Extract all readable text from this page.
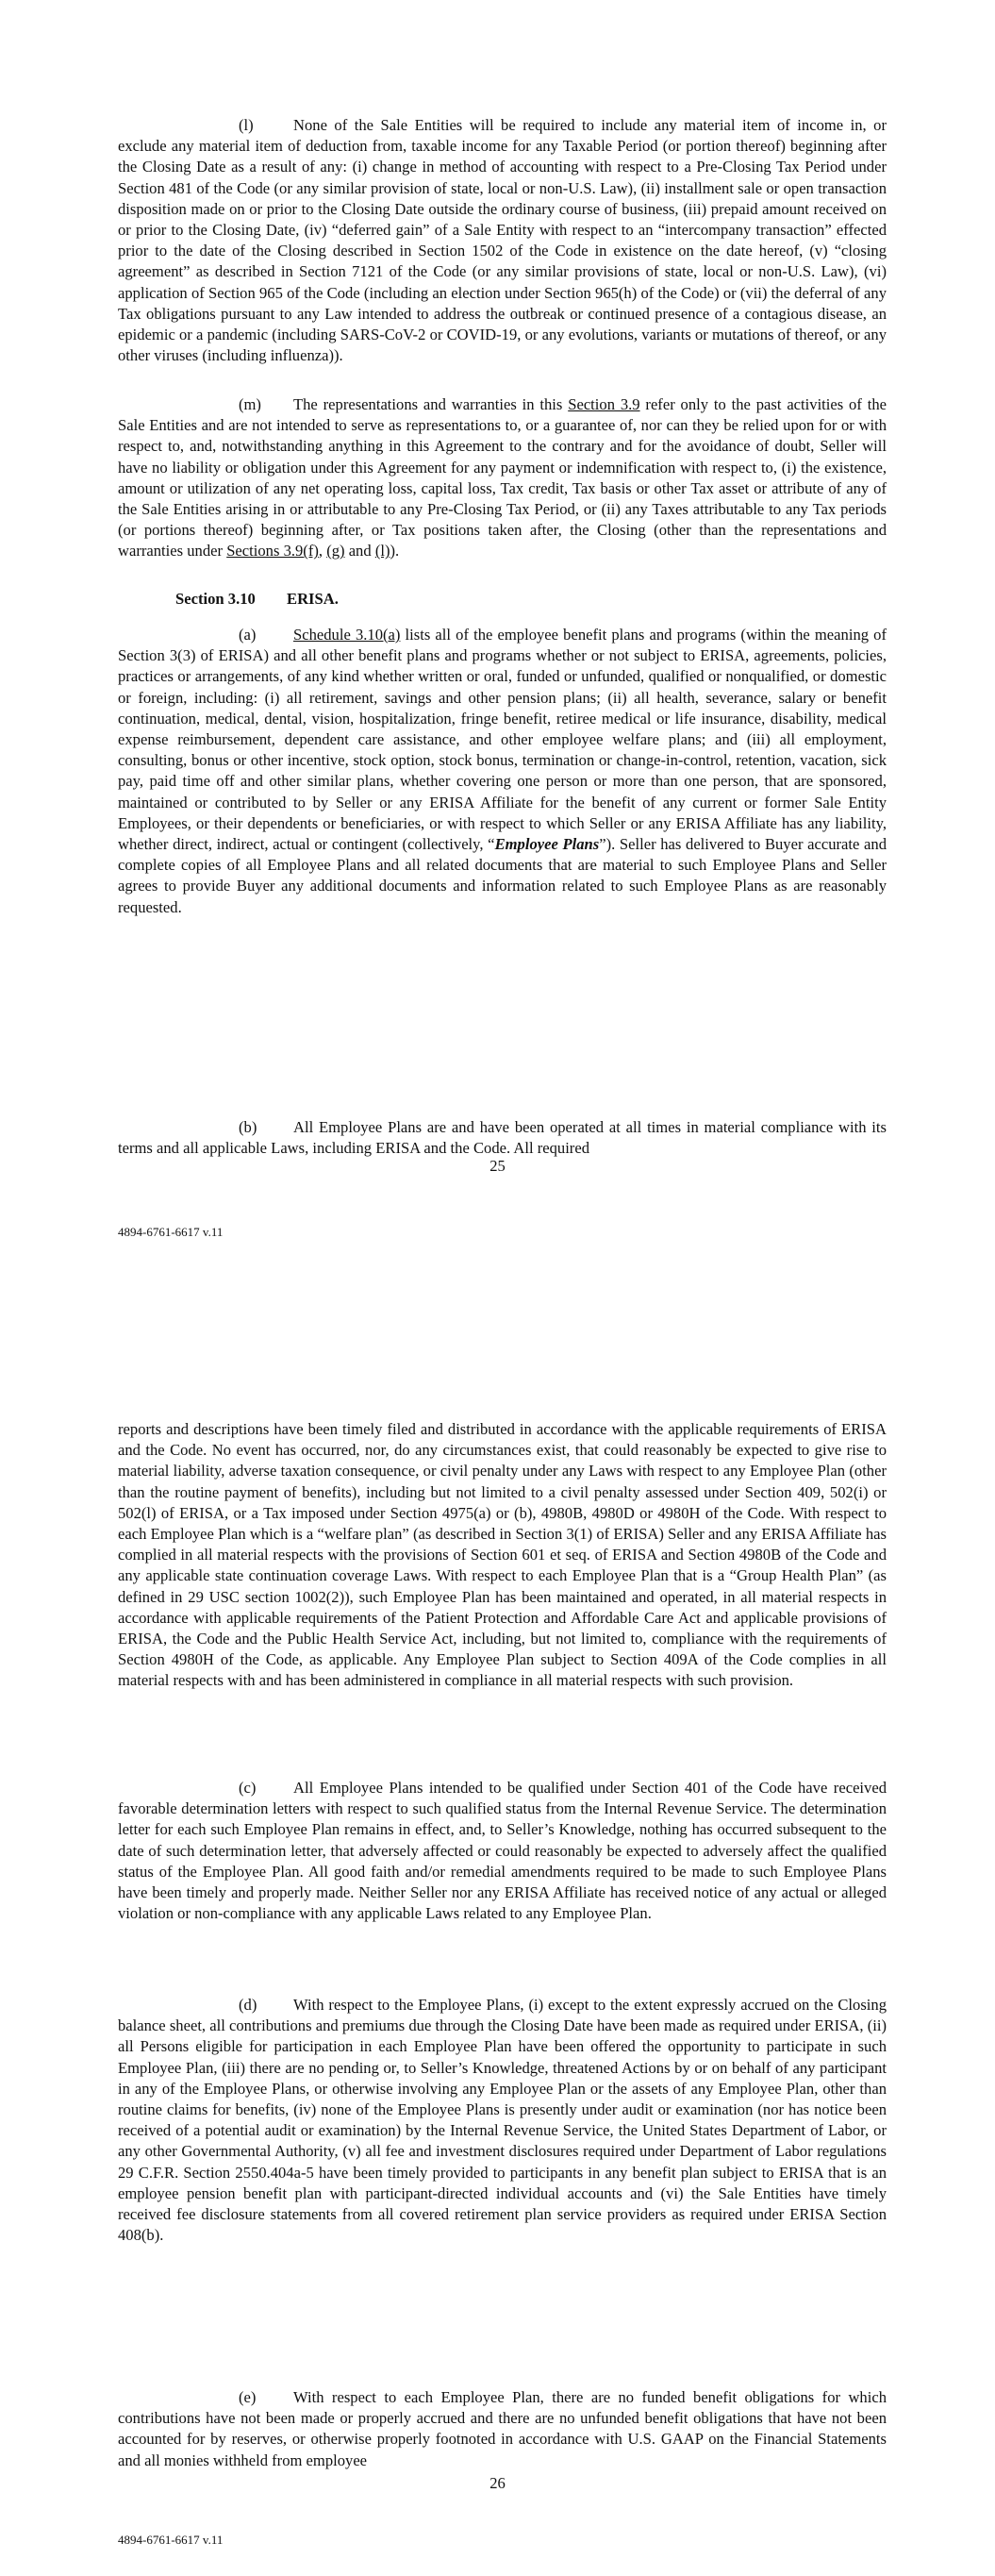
(l)	None of the Sale Entities will be required to include any material item of income in, or exclude any material item of deduction from, taxable income for any Taxable Period (or portion thereof) beginning after the Closing Date as a result of any: (i) change in method of accounting with respect to a Pre-Closing Tax Period under Section 481 of the Code (or any similar provision of state, local or non-U.S. Law), (ii) installment sale or open transaction disposition made on or prior to the Closing Date outside the ordinary course of business, (iii) prepaid amount received on or prior to the Closing Date, (iv) “deferred gain” of a Sale Entity with respect to an “intercompany transaction” effected prior to the date of the Closing described in Section 1502 of the Code in existence on the date hereof, (v) “closing agreement” as described in Section 7121 of the Code (or any similar provisions of state, local or non-U.S. Law), (vi) application of Section 965 of the Code (including an election under Section 965(h) of the Code) or (vii) the deferral of any Tax obligations pursuant to any Law intended to address the outbreak or continued presence of a contagious disease, an epidemic or a pandemic (including SARS-CoV-2 or COVID-19, or any evolutions, variants or mutations of thereof, or any other viruses (including influenza)).

(m) The representations and warranties in this Section 3.9 refer only to the past activities of the Sale Entities and are not intended to serve as representations to, or a guarantee of, nor can they be relied upon for or with respect to, and, notwithstanding anything in this Agreement to the contrary and for the avoidance of doubt, Seller will have no liability or obligation under this Agreement for any payment or indemnification with respect to, (i) the existence, amount or utilization of any net operating loss, capital loss, Tax credit, Tax basis or other Tax asset or attribute of any of the Sale Entities arising in or attributable to any Pre-Closing Tax Period, or (ii) any Taxes attributable to any Tax periods (or portions thereof) beginning after, or Tax positions taken after, the Closing (other than the representations and warranties under Sections 3.9(f), (g) and (l)).

Section 3.10 ERISA.

(a) Schedule 3.10(a) lists all of the employee benefit plans and programs (within the meaning of Section 3(3) of ERISA) and all other benefit plans and programs whether or not subject to ERISA, agreements, policies, practices or arrangements, of any kind whether written or oral, funded or unfunded, qualified or nonqualified, or domestic or foreign, including: (i) all retirement, savings and other pension plans; (ii) all health, severance, salary or benefit continuation, medical, dental, vision, hospitalization, fringe benefit, retiree medical or life insurance, disability, medical expense reimbursement, dependent care assistance, and other employee welfare plans; and (iii) all employment, consulting, bonus or other incentive, stock option, stock bonus, termination or change-in-control, retention, vacation, sick pay, paid time off and other similar plans, whether covering one person or more than one person, that are sponsored, maintained or contributed to by Seller or any ERISA Affiliate for the benefit of any current or former Sale Entity Employees, or their dependents or beneficiaries, or with respect to which Seller or any ERISA Affiliate has any liability, whether direct, indirect, actual or contingent (collectively, “Employee Plans”). Seller has delivered to Buyer accurate and complete copies of all Employee Plans and all related documents that are material to such Employee Plans and Seller agrees to provide Buyer any additional documents and information related to such Employee Plans as are reasonably requested.

(b) All Employee Plans are and have been operated at all times in material compliance with its terms and all applicable Laws, including ERISA and the Code. All required

25

4894-6761-6617 v.11

reports and descriptions have been timely filed and distributed in accordance with the applicable requirements of ERISA and the Code. No event has occurred, nor, do any circumstances exist, that could reasonably be expected to give rise to material liability, adverse taxation consequence, or civil penalty under any Laws with respect to any Employee Plan (other than the routine payment of benefits), including but not limited to a civil penalty assessed under Section 409, 502(i) or 502(l) of ERISA, or a Tax imposed under Section 4975(a) or (b), 4980B, 4980D or 4980H of the Code. With respect to each Employee Plan which is a “welfare plan” (as described in Section 3(1) of ERISA) Seller and any ERISA Affiliate has complied in all material respects with the provisions of Section 601 et seq. of ERISA and Section 4980B of the Code and any applicable state continuation coverage Laws. With respect to each Employee Plan that is a “Group Health Plan” (as defined in 29 USC section 1002(2)), such Employee Plan has been maintained and operated, in all material respects in accordance with applicable requirements of the Patient Protection and Affordable Care Act and applicable provisions of ERISA, the Code and the Public Health Service Act, including, but not limited to, compliance with the requirements of Section 4980H of the Code, as applicable. Any Employee Plan subject to Section 409A of the Code complies in all material respects with and has been administered in compliance in all material respects with such provision.

(c) All Employee Plans intended to be qualified under Section 401 of the Code have received favorable determination letters with respect to such qualified status from the Internal Revenue Service. The determination letter for each such Employee Plan remains in effect, and, to Seller’s Knowledge, nothing has occurred subsequent to the date of such determination letter, that adversely affected or could reasonably be expected to adversely affect the qualified status of the Employee Plan. All good faith and/or remedial amendments required to be made to such Employee Plans have been timely and properly made. Neither Seller nor any ERISA Affiliate has received notice of any actual or alleged violation or non-compliance with any applicable Laws related to any Employee Plan.

(d) With respect to the Employee Plans, (i) except to the extent expressly accrued on the Closing balance sheet, all contributions and premiums due through the Closing Date have been made as required under ERISA, (ii) all Persons eligible for participation in each Employee Plan have been offered the opportunity to participate in such Employee Plan, (iii) there are no pending or, to Seller’s Knowledge, threatened Actions by or on behalf of any participant in any of the Employee Plans, or otherwise involving any Employee Plan or the assets of any Employee Plan, other than routine claims for benefits, (iv) none of the Employee Plans is presently under audit or examination (nor has notice been received of a potential audit or examination) by the Internal Revenue Service, the United States Department of Labor, or any other Governmental Authority, (v) all fee and investment disclosures required under Department of Labor regulations 29 C.F.R. Section 2550.404a-5 have been timely provided to participants in any benefit plan subject to ERISA that is an employee pension benefit plan with participant-directed individual accounts and (vi) the Sale Entities have timely received fee disclosure statements from all covered retirement plan service providers as required under ERISA Section 408(b).

(e) With respect to each Employee Plan, there are no funded benefit obligations for which contributions have not been made or properly accrued and there are no unfunded benefit obligations that have not been accounted for by reserves, or otherwise properly footnoted in accordance with U.S. GAAP on the Financial Statements and all monies withheld from employee

26

4894-6761-6617 v.11
